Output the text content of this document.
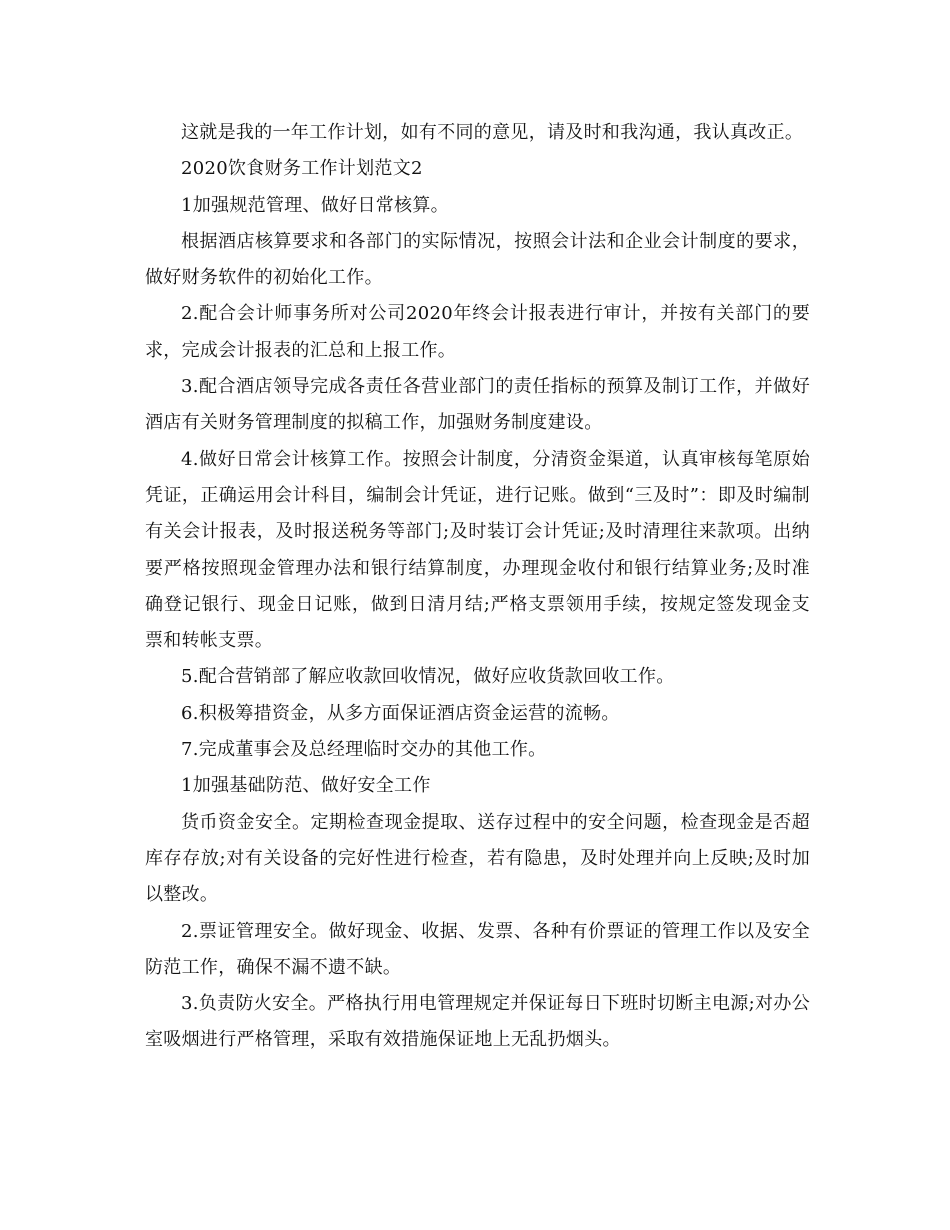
这就是我的一年工作计划，如有不同的意见，请及时和我沟通，我认真改正。

2020饮食财务工作计划范文2

1加强规范管理、做好日常核算。

根据酒店核算要求和各部门的实际情况，按照会计法和企业会计制度的要求，做好财务软件的初始化工作。

2.配合会计师事务所对公司2020年终会计报表进行审计，并按有关部门的要求，完成会计报表的汇总和上报工作。

3.配合酒店领导完成各责任各营业部门的责任指标的预算及制订工作，并做好酒店有关财务管理制度的拟稿工作，加强财务制度建设。

4.做好日常会计核算工作。按照会计制度，分清资金渠道，认真审核每笔原始凭证，正确运用会计科目，编制会计凭证，进行记账。做到“三及时”：即及时编制有关会计报表，及时报送税务等部门;及时装订会计凭证;及时清理往来款项。出纳要严格按照现金管理办法和银行结算制度，办理现金收付和银行结算业务;及时准确登记银行、现金日记账，做到日清月结;严格支票领用手续，按规定签发现金支票和转帐支票。

5.配合营销部了解应收款回收情况，做好应收货款回收工作。

6.积极筹措资金，从多方面保证酒店资金运营的流畅。

7.完成董事会及总经理临时交办的其他工作。

1加强基础防范、做好安全工作

货币资金安全。定期检查现金提取、送存过程中的安全问题，检查现金是否超库存存放;对有关设备的完好性进行检查，若有隐患，及时处理并向上反映;及时加以整改。

2.票证管理安全。做好现金、收据、发票、各种有价票证的管理工作以及安全防范工作，确保不漏不遗不缺。

3.负责防火安全。严格执行用电管理规定并保证每日下班时切断主电源;对办公室吸烟进行严格管理，采取有效措施保证地上无乱扔烟头。
